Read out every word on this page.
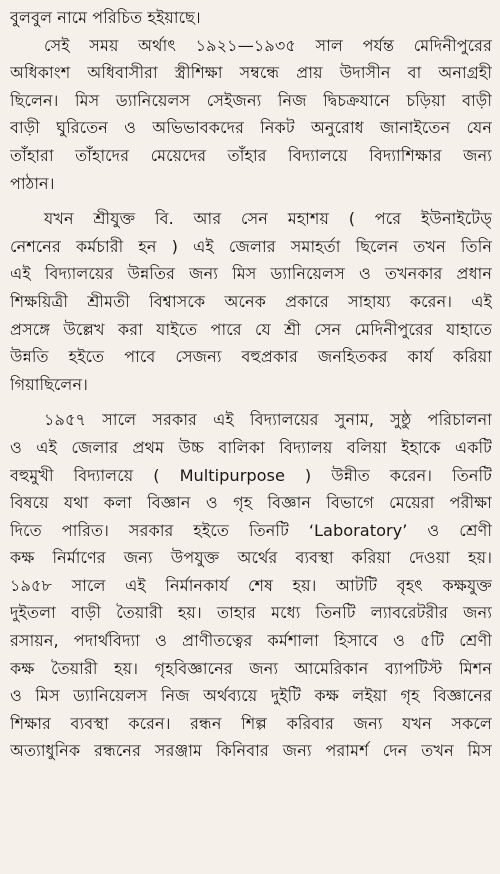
বুলবুল নামে পরিচিত হইয়াছে।
সেই সময় অর্থাৎ ১৯২১—১৯৩৫ সাল পর্যন্ত মেদিনীপুরের
অধিকাংশ অধিবাসীরা স্ত্রীশিক্ষা সম্বন্ধে প্রায় উদাসীন বা অনাগ্রহী
ছিলেন। মিস ড্যানিয়েলস সেইজন্য নিজ দ্বিচক্রযানে চড়িয়া বাড়ী
বাড়ী ঘুরিতেন ও অভিভাবকদের নিকট অনুরোধ জানাইতেন যেন
তাঁহারা তাঁহাদের মেয়েদের তাঁহার বিদ্যালয়ে বিদ্যাশিক্ষার জন্য
পাঠান।
যখন শ্রীযুক্ত বি. আর সেন মহাশয় ( পরে ইউনাইটেড্
নেশনের কর্মচারী হন ) এই জেলার সমাহর্তা ছিলেন তখন তিনি
এই বিদ্যালয়ের উন্নতির জন্য মিস ড্যানিয়েলস ও তখনকার প্রধান
শিক্ষয়িত্রী শ্রীমতী বিশ্বাসকে অনেক প্রকারে সাহায্য করেন। এই
প্রসঙ্গে উল্লেখ করা যাইতে পারে যে শ্রী সেন মেদিনীপুরের যাহাতে
উন্নতি হইতে পাবে সেজন্য বহুপ্রকার জনহিতকর কার্য করিয়া
গিয়াছিলেন।
১৯৫৭ সালে সরকার এই বিদ্যালয়ের সুনাম, সুষ্ঠু পরিচালনা
ও এই জেলার প্রথম উচ্চ বালিকা বিদ্যালয় বলিয়া ইহাকে একটি
বহুমুখী বিদ্যালয়ে ( Multipurpose ) উন্নীত করেন। তিনটি
বিষয়ে যথা কলা বিজ্ঞান ও গৃহ বিজ্ঞান বিভাগে মেয়েরা পরীক্ষা
দিতে পারিত। সরকার হইতে তিনটি ‘Laboratory’ ও শ্রেণী
কক্ষ নির্মাণের জন্য উপযুক্ত অর্থের ব্যবস্থা করিয়া দেওয়া হয়।
১৯৫৮ সালে এই নির্মানকার্য শেষ হয়। আটটি বৃহৎ কক্ষযুক্ত
দুইতলা বাড়ী তৈয়ারী হয়। তাহার মধ্যে তিনটি ল্যাবরেটরীর জন্য
রসায়ন, পদার্থবিদ্যা ও প্রাণীতত্বের কর্মশালা হিসাবে ও ৫টি শ্রেণী
কক্ষ তৈয়ারী হয়। গৃহবিজ্ঞানের জন্য আমেরিকান ব্যাপটিস্ট মিশন
ও মিস ড্যানিয়েলস নিজ অর্থব্যয়ে দুইটি কক্ষ লইয়া গৃহ বিজ্ঞানের
শিক্ষার ব্যবস্থা করেন। রন্ধন শিল্প করিবার জন্য যখন সকলে
অত্যাধুনিক রন্ধনের সরঞ্জাম কিনিবার জন্য পরামর্শ দেন তখন মিস
